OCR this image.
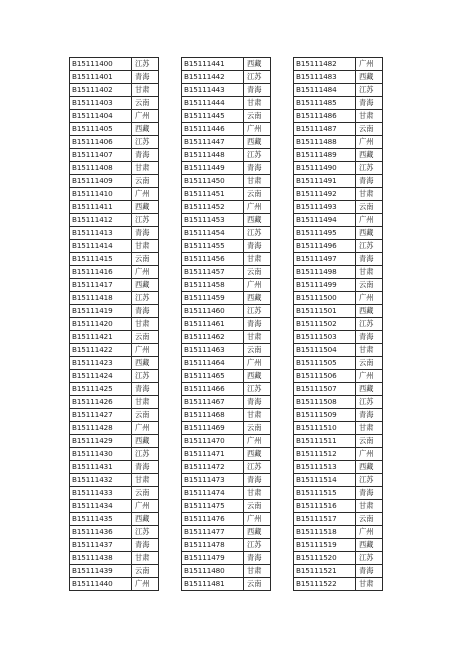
B15111400	江苏
B15111401	青海
B15111402	甘肃
B15111403	云南
B15111404	广州
B15111405	西藏
B15111406	江苏
B15111407	青海
B15111408	甘肃
B15111409	云南
B15111410	广州
B15111411	西藏
B15111412	江苏
B15111413	青海
B15111414	甘肃
B15111415	云南
B15111416	广州
B15111417	西藏
B15111418	江苏
B15111419	青海
B15111420	甘肃
B15111421	云南
B15111422	广州
B15111423	西藏
B15111424	江苏
B15111425	青海
B15111426	甘肃
B15111427	云南
B15111428	广州
B15111429	西藏
B15111430	江苏
B15111431	青海
B15111432	甘肃
B15111433	云南
B15111434	广州
B15111435	西藏
B15111436	江苏
B15111437	青海
B15111438	甘肃
B15111439	云南
B15111440	广州
B15111441	西藏
B15111442	江苏
B15111443	青海
B15111444	甘肃
B15111445	云南
B15111446	广州
B15111447	西藏
B15111448	江苏
B15111449	青海
B15111450	甘肃
B15111451	云南
B15111452	广州
B15111453	西藏
B15111454	江苏
B15111455	青海
B15111456	甘肃
B15111457	云南
B15111458	广州
B15111459	西藏
B15111460	江苏
B15111461	青海
B15111462	甘肃
B15111463	云南
B15111464	广州
B15111465	西藏
B15111466	江苏
B15111467	青海
B15111468	甘肃
B15111469	云南
B15111470	广州
B15111471	西藏
B15111472	江苏
B15111473	青海
B15111474	甘肃
B15111475	云南
B15111476	广州
B15111477	西藏
B15111478	江苏
B15111479	青海
B15111480	甘肃
B15111481	云南
B15111482	广州
B15111483	西藏
B15111484	江苏
B15111485	青海
B15111486	甘肃
B15111487	云南
B15111488	广州
B15111489	西藏
B15111490	江苏
B15111491	青海
B15111492	甘肃
B15111493	云南
B15111494	广州
B15111495	西藏
B15111496	江苏
B15111497	青海
B15111498	甘肃
B15111499	云南
B15111500	广州
B15111501	西藏
B15111502	江苏
B15111503	青海
B15111504	甘肃
B15111505	云南
B15111506	广州
B15111507	西藏
B15111508	江苏
B15111509	青海
B15111510	甘肃
B15111511	云南
B15111512	广州
B15111513	西藏
B15111514	江苏
B15111515	青海
B15111516	甘肃
B15111517	云南
B15111518	广州
B15111519	西藏
B15111520	江苏
B15111521	青海
B15111522	甘肃
